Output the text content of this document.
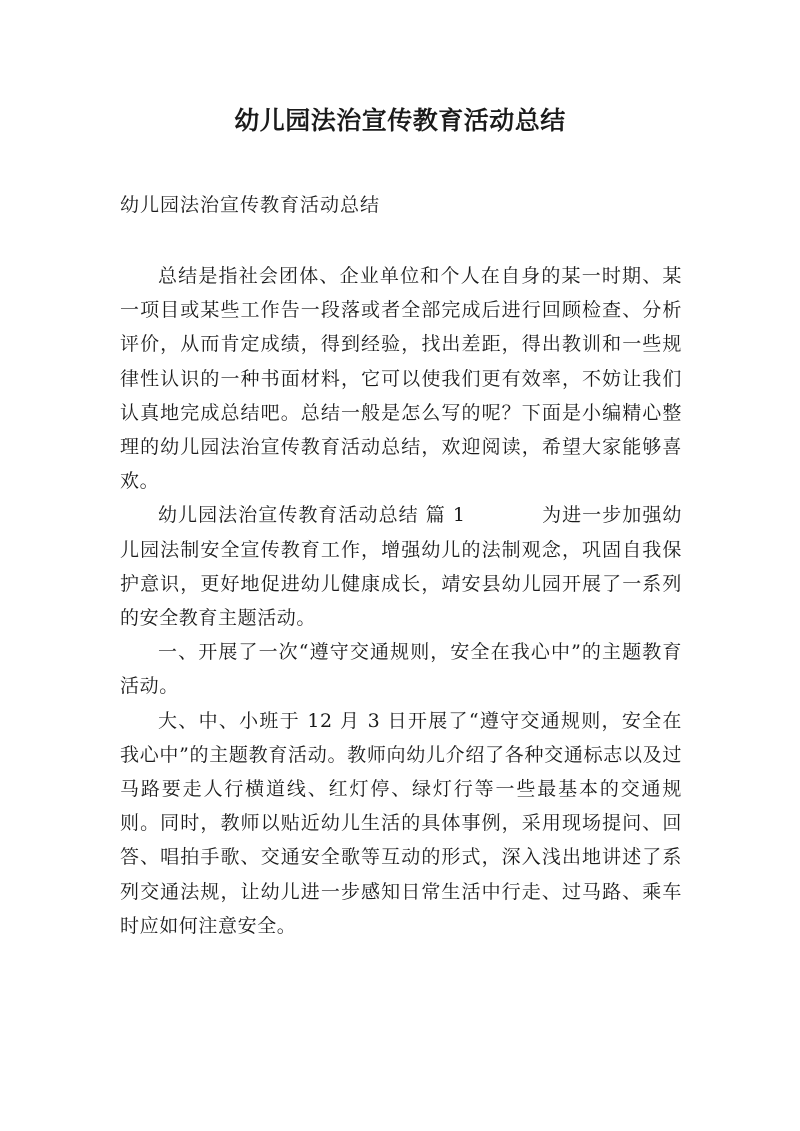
幼儿园法治宣传教育活动总结

幼儿园法治宣传教育活动总结

总结是指社会团体、企业单位和个人在自身的某一时期、某一项目或某些工作告一段落或者全部完成后进行回顾检查、分析评价，从而肯定成绩，得到经验，找出差距，得出教训和一些规律性认识的一种书面材料，它可以使我们更有效率，不妨让我们认真地完成总结吧。总结一般是怎么写的呢？下面是小编精心整理的幼儿园法治宣传教育活动总结，欢迎阅读，希望大家能够喜欢。

幼儿园法治宣传教育活动总结 篇 1	为进一步加强幼儿园法制安全宣传教育工作，增强幼儿的法制观念，巩固自我保护意识，更好地促进幼儿健康成长，靖安县幼儿园开展了一系列的安全教育主题活动。

一、开展了一次“遵守交通规则，安全在我心中”的主题教育活动。

大、中、小班于 12 月 3 日开展了“遵守交通规则，安全在我心中”的主题教育活动。教师向幼儿介绍了各种交通标志以及过马路要走人行横道线、红灯停、绿灯行等一些最基本的交通规则。同时，教师以贴近幼儿生活的具体事例，采用现场提问、回答、唱拍手歌、交通安全歌等互动的形式，深入浅出地讲述了系列交通法规，让幼儿进一步感知日常生活中行走、过马路、乘车时应如何注意安全。
